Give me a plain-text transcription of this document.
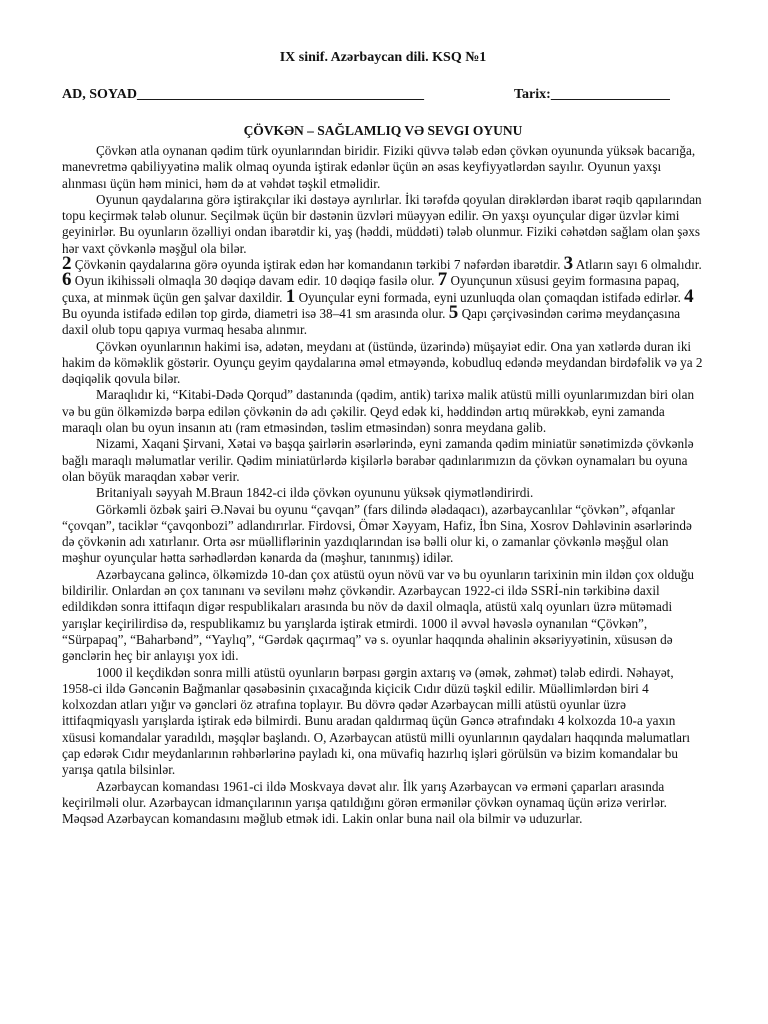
IX sinif. Azərbaycan dili. KSQ №1
AD, SOYAD_________________________________________	Tarix:_________________
ÇÖVKƏN – SAĞLAMLIQ VƏ SEVGI OYUNU

Çövkən atla oynanan qədim türk oyunlarından biridir. Fiziki qüvvə tələb edən çövkən oyununda yüksək bacarığa, manevretmə qabiliyyətinə malik olmaq oyunda iştirak edənlər üçün ən əsas keyfiyyətlərdən sayılır. Oyunun yaxşı alınması üçün həm minici, həm də at vəhdət təşkil etməlidir.

Oyunun qaydalarına görə iştirakçılar iki dəstəyə ayrılırlar. İki tərəfdə qoyulan dirəklərdən ibarət rəqib qapılarından topu keçirmək tələb olunur. Seçilmək üçün bir dəstənin üzvləri müəyyən edilir. Ən yaxşı oyunçular digər üzvlər kimi geyinirlər. Bu oyunların özəlliyi ondan ibarətdir ki, yaş (həddi, müddəti) tələb olunmur. Fiziki cəhətdən sağlam olan şəxs hər vaxt çövkənlə məşğul ola bilər.

2 Çövkənin qaydalarına görə oyunda iştirak edən hər komandanın tərkibi 7 nəfərdən ibarətdir. 3 Atların sayı 6 olmalıdır. 6 Oyun ikihissəli olmaqla 30 dəqiqə davam edir. 10 dəqiqə fasilə olur. 7 Oyunçunun xüsusi geyim formasına papaq, çuxa, at minmək üçün gen şalvar daxildir. 1 Oyunçular eyni formada, eyni uzunluqda olan çomaqdan istifadə edirlər. 4 Bu oyunda istifadə edilən top girdə, diametri isə 38–41 sm arasında olur. 5 Qapı çərçivəsindən cərimə meydançasına daxil olub topu qapıya vurmaq hesaba alınmır.

Çövkən oyunlarının hakimi isə, adətən, meydanı at (üstündə, üzərində) müşayiət edir. Ona yan xətlərdə duran iki hakim də köməklik göstərir. Oyunçu geyim qaydalarına əməl etməyəndə, kobudluq edəndə meydandan birdəfəlik və ya 2 dəqiqəlik qovula bilər.

Maraqlıdır ki, “Kitabi-Dədə Qorqud” dastanında (qədim, antik) tarixə malik atüstü milli oyunlarımızdan biri olan və bu gün ölkəmizdə bərpa edilən çövkənin də adı çəkilir. Qeyd edək ki, həddindən artıq mürəkkəb, eyni zamanda maraqlı olan bu oyun insanın atı (ram etməsindən, təslim etməsindən) sonra meydana gəlib.

Nizami, Xaqani Şirvani, Xətai və başqa şairlərin əsərlərində, eyni zamanda qədim miniatür sənətimizdə çövkənlə bağlı maraqlı məlumatlar verilir. Qədim miniatürlərdə kişilərlə bərabər qadınlarımızın da çövkən oynamaları bu oyuna olan böyük maraqdan xəbər verir.

Britaniyalı səyyah M.Braun 1842-ci ildə çövkən oyununu yüksək qiymətləndirirdi.

Görkəmli özbək şairi Ə.Nəvai bu oyunu “çavqan” (fars dilində ələdaqacı), azərbaycanlılar “çövkən”, əfqanlar “çovqan”, taciklər “çavqonbozi” adlandırırlar. Firdovsi, Ömər Xəyyam, Hafiz, İbn Sina, Xosrov Dəhləvinin əsərlərində də çövkənin adı xatırlanır. Orta əsr müəlliflərinin yazdıqlarından isə bəlli olur ki, o zamanlar çövkənlə məşğul olan məşhur oyunçular hətta sərhədlərdən kənarda da (məşhur, tanınmış) idilər.

Azərbaycana gəlincə, ölkəmizdə 10-dan çox atüstü oyun növü var və bu oyunların tarixinin min ildən çox olduğu bildirilir. Onlardan ən çox tanınanı və sevilənı məhz çövkəndir. Azərbaycan 1922-ci ildə SSRİ-nin tərkibinə daxil edildikdən sonra ittifaqın digər respublikaları arasında bu növ də daxil olmaqla, atüstü xalq oyunları üzrə mütəmadi yarışlar keçirilirdisə də, respublikamız bu yarışlarda iştirak etmirdi. 1000 il əvvəl həvəslə oynanılan “Çövkən”, “Sürpapaq”, “Baharbənd”, “Yaylıq”, “Gərdək qaçırmaq” və s. oyunlar haqqında əhalinin əksəriyyətinin, xüsusən də gənclərin heç bir anlayışı yox idi.

1000 il keçdikdən sonra milli atüstü oyunların bərpası gərgin axtarış və (əmək, zəhmət) tələb edirdi. Nəhayət, 1958-ci ildə Gəncənin Bağmanlar qəsəbəsinin çıxacağında kiçicik Cıdır düzü təşkil edilir. Müəllimlərdən biri 4 kolxozdan atları yığır və gəncləri öz ətrafına toplayır. Bu dövrə qədər Azərbaycan milli atüstü oyunlar üzrə ittifaqmiqyaslı yarışlarda iştirak edə bilmirdi. Bunu aradan qaldırmaq üçün Gəncə ətrafındakı 4 kolxozda 10-a yaxın xüsusi komandalar yaradıldı, məşqlər başlandı. O, Azərbaycan atüstü milli oyunlarının qaydaları haqqında məlumatları çap edərək Cıdır meydanlarının rəhbərlərinə payladı ki, ona müvafiq hazırlıq işləri görülsün və bizim komandalar bu yarışa qatıla bilsinlər.

Azərbaycan komandası 1961-ci ildə Moskvaya dəvət alır. İlk yarış Azərbaycan və erməni çaparları arasında keçirilməli olur. Azərbaycan idmançılarının yarışa qatıldığını görən ermənilər çövkən oynamaq üçün ərizə verirlər. Məqsəd Azərbaycan komandasını məğlub etmək idi. Lakin onlar buna nail ola bilmir və uduzurlar.
